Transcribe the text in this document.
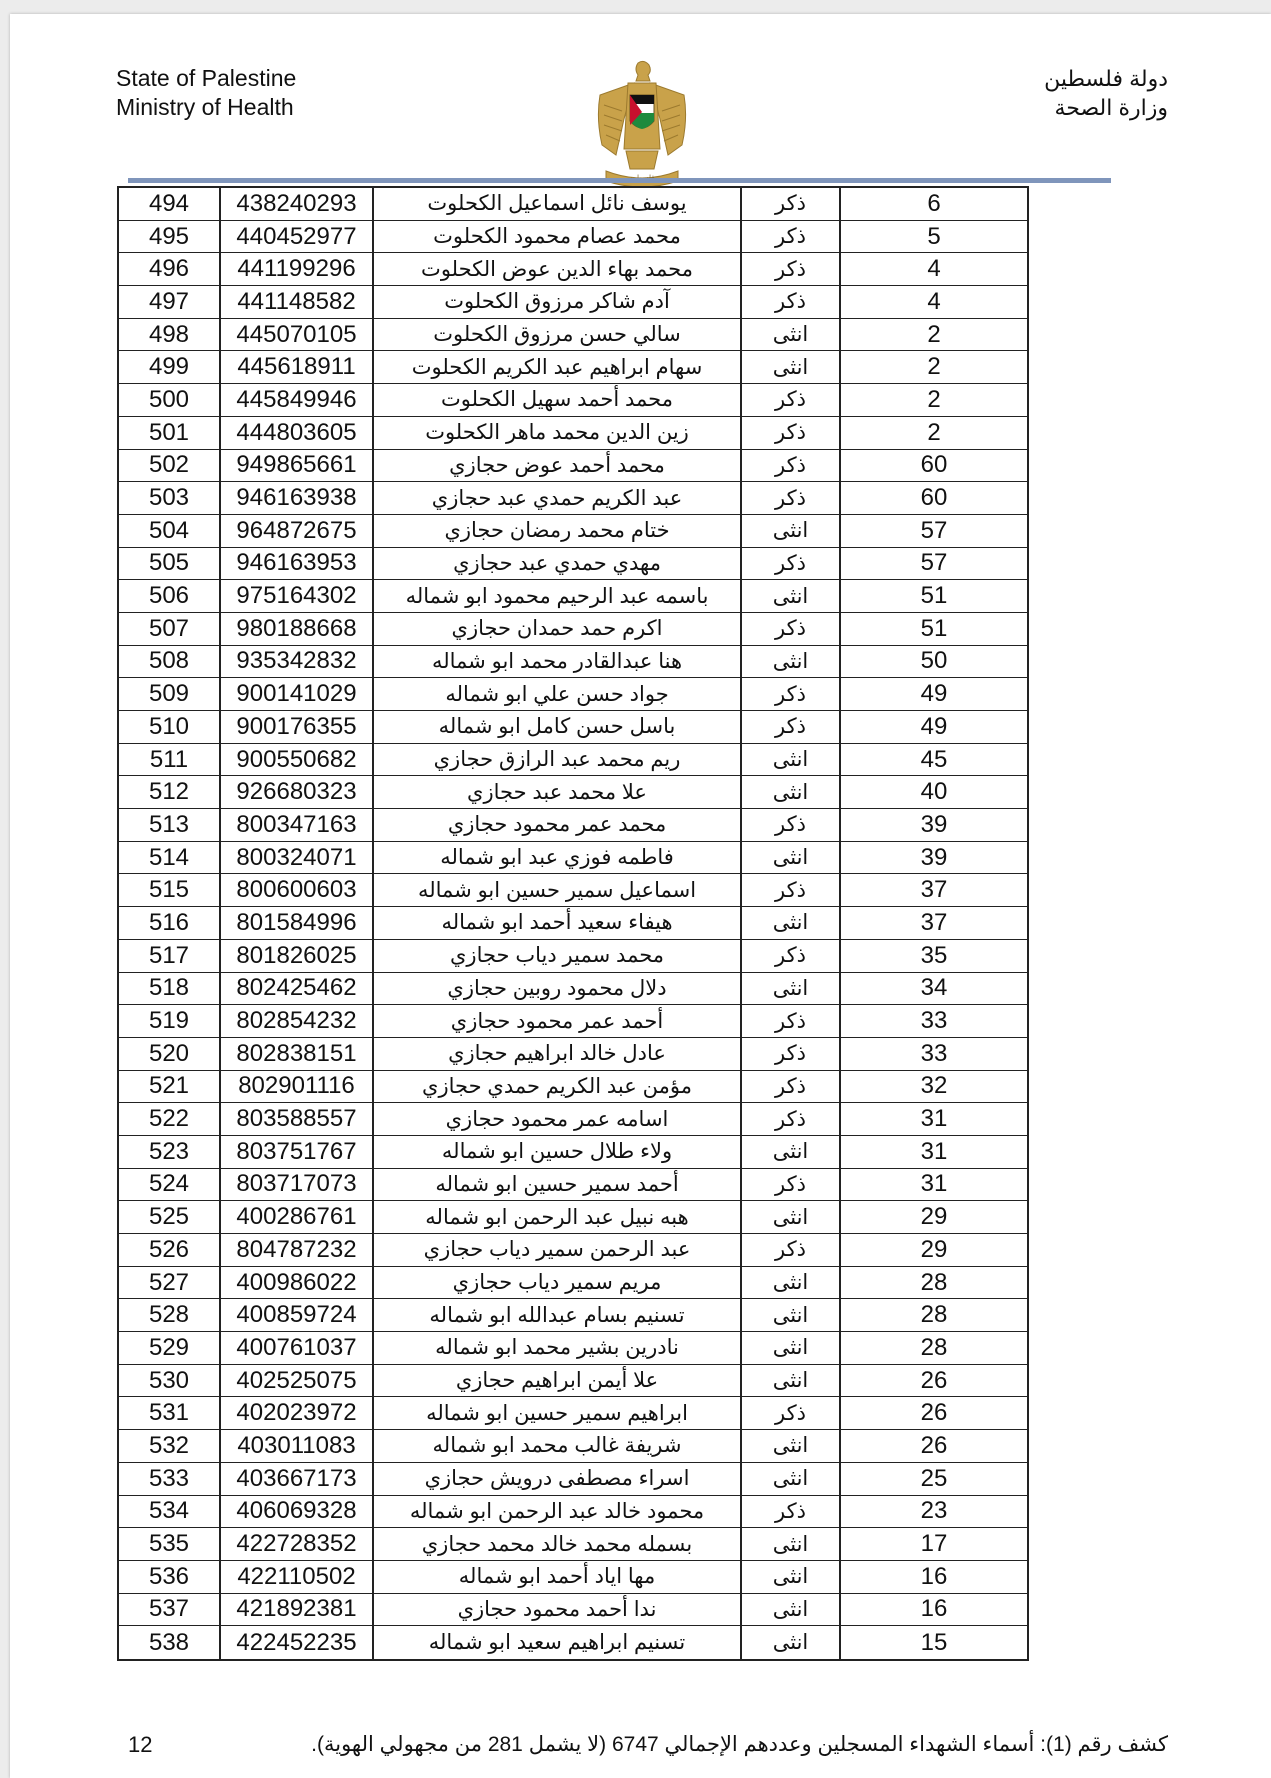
State of Palestine
Ministry of Health
دولة فلسطين
وزارة الصحة
494	438240293	يوسف نائل اسماعيل الكحلوت	ذكر	6
495	440452977	محمد عصام محمود الكحلوت	ذكر	5
496	441199296	محمد بهاء الدين عوض الكحلوت	ذكر	4
497	441148582	آدم شاكر مرزوق الكحلوت	ذكر	4
498	445070105	سالي حسن مرزوق الكحلوت	انثى	2
499	445618911	سهام ابراهيم عبد الكريم الكحلوت	انثى	2
500	445849946	محمد أحمد سهيل الكحلوت	ذكر	2
501	444803605	زين الدين محمد ماهر الكحلوت	ذكر	2
502	949865661	محمد أحمد عوض حجازي	ذكر	60
503	946163938	عبد الكريم حمدي عبد حجازي	ذكر	60
504	964872675	ختام محمد رمضان حجازي	انثى	57
505	946163953	مهدي حمدي عبد حجازي	ذكر	57
506	975164302	باسمه عبد الرحيم محمود ابو شماله	انثى	51
507	980188668	اكرم حمد حمدان حجازي	ذكر	51
508	935342832	هنا عبدالقادر محمد ابو شماله	انثى	50
509	900141029	جواد حسن علي ابو شماله	ذكر	49
510	900176355	باسل حسن كامل ابو شماله	ذكر	49
511	900550682	ريم محمد عبد الرازق حجازي	انثى	45
512	926680323	علا محمد عبد حجازي	انثى	40
513	800347163	محمد عمر محمود حجازي	ذكر	39
514	800324071	فاطمه فوزي عبد ابو شماله	انثى	39
515	800600603	اسماعيل سمير حسين ابو شماله	ذكر	37
516	801584996	هيفاء سعيد أحمد ابو شماله	انثى	37
517	801826025	محمد سمير دياب حجازي	ذكر	35
518	802425462	دلال محمود روبين حجازي	انثى	34
519	802854232	أحمد عمر محمود حجازي	ذكر	33
520	802838151	عادل خالد ابراهيم حجازي	ذكر	33
521	802901116	مؤمن عبد الكريم حمدي حجازي	ذكر	32
522	803588557	اسامه عمر محمود حجازي	ذكر	31
523	803751767	ولاء طلال حسين ابو شماله	انثى	31
524	803717073	أحمد سمير حسين ابو شماله	ذكر	31
525	400286761	هبه نبيل عبد الرحمن ابو شماله	انثى	29
526	804787232	عبد الرحمن سمير دياب حجازي	ذكر	29
527	400986022	مريم سمير دياب حجازي	انثى	28
528	400859724	تسنيم بسام عبدالله ابو شماله	انثى	28
529	400761037	نادرين بشير محمد ابو شماله	انثى	28
530	402525075	علا أيمن ابراهيم حجازي	انثى	26
531	402023972	ابراهيم سمير حسين ابو شماله	ذكر	26
532	403011083	شريفة غالب محمد ابو شماله	انثى	26
533	403667173	اسراء مصطفى درويش حجازي	انثى	25
534	406069328	محمود خالد عبد الرحمن ابو شماله	ذكر	23
535	422728352	بسمله محمد خالد محمد حجازي	انثى	17
536	422110502	مها اياد أحمد ابو شماله	انثى	16
537	421892381	ندا أحمد محمود حجازي	انثى	16
538	422452235	تسنيم ابراهيم سعيد ابو شماله	انثى	15
12	كشف رقم (1): أسماء الشهداء المسجلين وعددهم الإجمالي 6747 (لا يشمل 281 من مجهولي الهوية).
